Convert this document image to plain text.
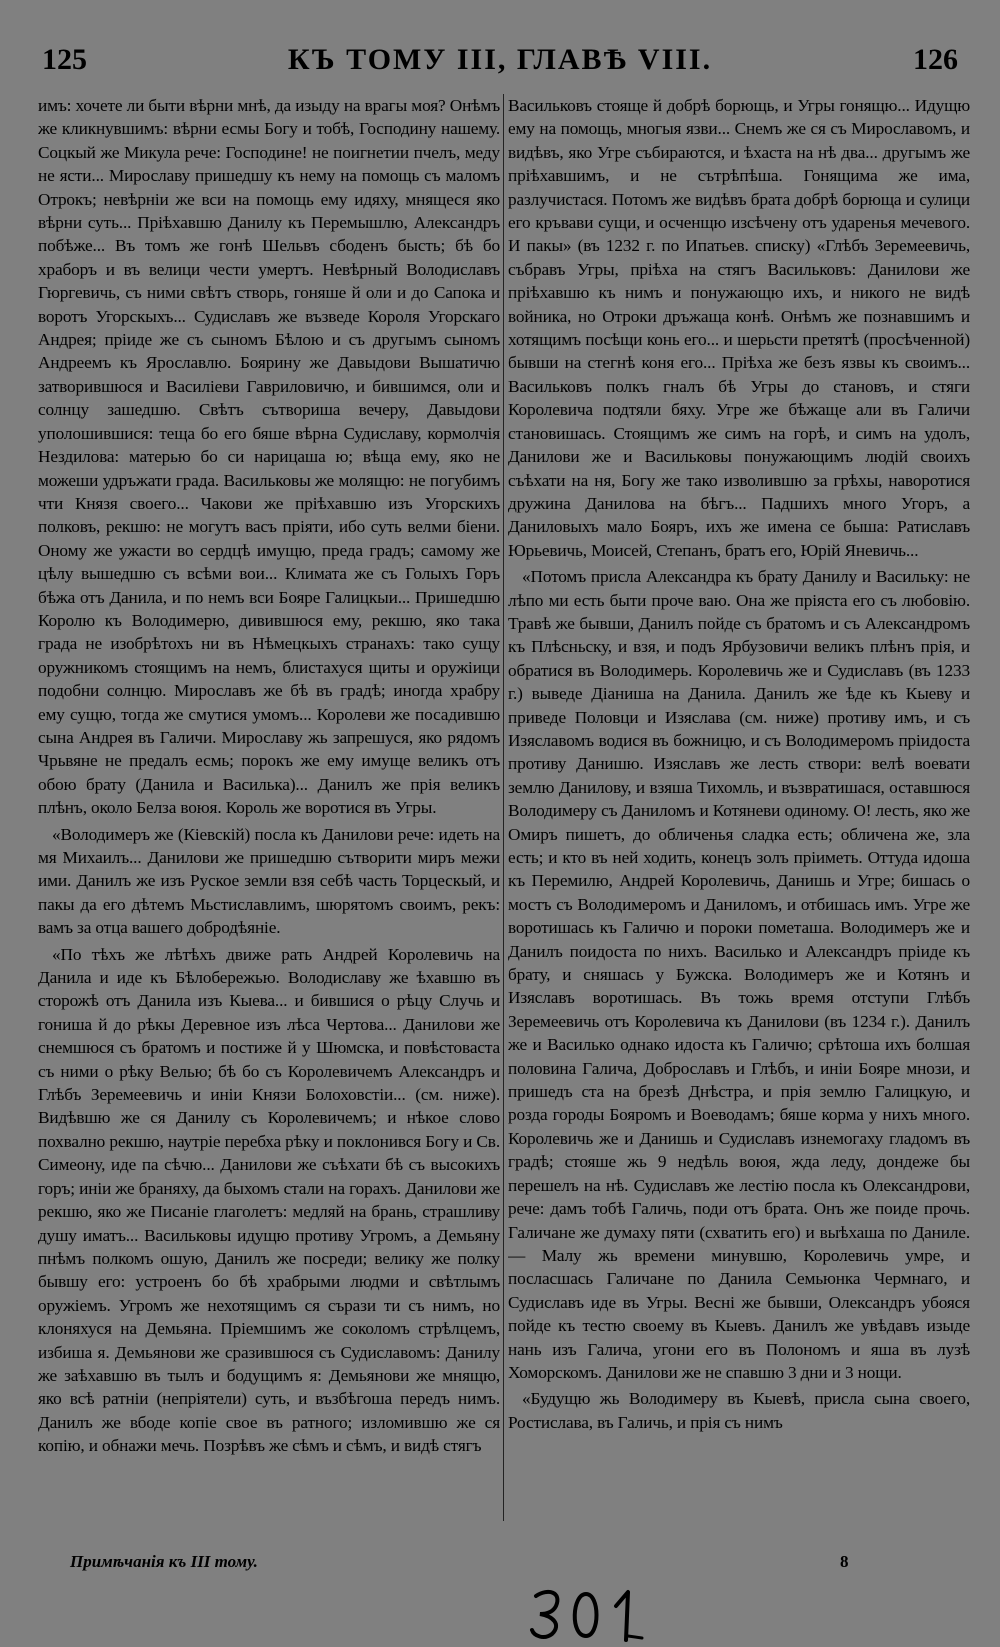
125	КЪ ТОМУ III, ГЛАВѢ VIII.	126

имъ: хочете ли быти вѣрни мнѣ, да изыду на врагы моя? Онѣмъ же кликнувшимъ: вѣрни есмы Богу и тобѣ, Господину нашему. Соцкый же Микула рече: Господине! не поигнетии пчелъ, меду не ясти... Мирославу пришедшу къ нему на помощь съ маломъ Отрокъ; невѣрніи же вси на помощь ему идяху, мнящеся яко вѣрни суть... Пріѣхавшю Данилу къ Перемышлю, Александръ побѣже... Въ томъ же гонѣ Шельвъ сбоденъ бысть; бѣ бо храборъ и въ велици чести умертъ. Невѣрный Володиславъ Гюргевичь, съ ними свѣтъ створь, гоняше й оли и до Сапока и воротъ Угорскыхъ... Судиславъ же възведе Короля Угорскаго Андрея; пріиде же съ сыномъ Бѣлою и съ другымъ сыномъ Андреемъ къ Ярославлю. Боярину же Давыдови Вышатичю затворившюся и Василіеви Гавриловичю, и бившимся, оли и солнцу зашедшю. Свѣтъ сътвориша вечеру, Давыдови уполошившися: теща бо его бяше вѣрна Судиславу, кормолчія Нездилова: матерью бо си нарицаша ю; вѣща ему, яко не можеши удръжати града. Васильковы же молящю: не погубимъ чти Князя своего... Чакови же пріѣхавшю изъ Угорскихъ полковъ, рекшю: не могутъ васъ пріяти, ибо суть велми біени. Оному же ужасти во сердцѣ имущю, преда градъ; самому же цѣлу вышедшю съ всѣми вои... Климата же съ Голыхъ Горъ бѣжа отъ Данила, и по немъ вси Бояре Галицкыи... Пришедшю Королю къ Володимерю, дивившюся ему, рекшю, яко така града не изобрѣтохъ ни въ Нѣмецкыхъ странахъ: тако сущу оружникомъ стоящимъ на немъ, блистахуся щиты и оружіици подобни солнцю. Мирославъ же бѣ въ градѣ; иногда храбру ему сущю, тогда же смутися умомъ... Королеви же посадившю сына Андрея въ Галичи. Мирославу жь запрешуся, яко рядомъ Чрьвяне не предалъ есмь; порокъ же ему имуще великъ отъ обою брату (Данила и Василька)... Данилъ же прія великъ плѣнъ, около Белза воюя. Король же воротися въ Угры.

«Володимеръ же (Кіевскій) посла къ Данилови рече: идеть на мя Михаилъ... Данилови же пришедшю сътворити миръ межи ими. Данилъ же изъ Руское земли взя себѣ часть Торцескый, и пакы да его дѣтемъ Мьстиславлимъ, шюрятомъ своимъ, рекъ: вамъ за отца вашего добродѣяніе.

«По тѣхъ же лѣтѣхъ движе рать Андрей Королевичь на Данила и иде къ Бѣлобережью. Володиславу же ѣхавшю въ сторожѣ отъ Данила изъ Кыева... и бившися о рѣцу Случь и гониша й до рѣкы Деревное изъ лѣса Чертова... Данилови же снемшюся съ братомъ и постиже й у Шюмска, и повѣстоваста съ ними о рѣку Велью; бѣ бо съ Королевичемъ Александръ и Глѣбъ Зеремеевичь и иніи Князи Болоховстіи... (см. ниже). Видѣвшю же ся Данилу съ Королевичемъ; и нѣкое слово похвално рекшю, наутріе перебха рѣку и поклонився Богу и Св. Симеону, иде па сѣчю... Данилови же съѣхати бѣ съ высокихъ горъ; иніи же браняху, да быхомъ стали на горахъ. Данилови же рекшю, яко же Писаніе глаголетъ: медляй на брань, страшливу душу иматъ... Васильковы идущю противу Угромъ, а Демьяну пнѣмъ полкомъ ошую, Данилъ же посреди; велику же полку бывшу его: устроенъ бо бѣ храбрыми людми и свѣтлымъ оружіемъ. Угромъ же нехотящимъ ся сърази ти съ нимъ, но клоняхуся на Демьяна. Пріемшимъ же соколомъ стрѣлцемъ, избиша я. Демьянови же сразившюся съ Судиславомъ: Данилу же заѣхавшю въ тылъ и бодущимъ я: Демьянови же мнящю, яко всѣ ратніи (непріятели) суть, и възбѣгоша передъ нимъ. Данилъ же вбоде копіе свое въ ратного; изломившю же ся копію, и обнажи мечь. Позрѣвъ же сѣмъ и сѣмъ, и видѣ стягъ

Васильковъ стояще й добрѣ борющь, и Угры гонящю... Идущю ему на помощь, многыя язви... Снемъ же ся съ Мирославомъ, и видѣвъ, яко Угре събираются, и ѣхаста на нѣ два... другымъ же пріѣхавшимъ, и не сътрѣпѣша. Гонящима же има, разлучистася. Потомъ же видѣвъ брата добрѣ борюща и сулици его кръвави сущи, и осченщю изсѣчену отъ ударенья мечевого. И пакы» (въ 1232 г. по Ипатьев. списку) «Глѣбъ Зеремеевичь, събравъ Угры, пріѣха на стягъ Васильковъ: Данилови же пріѣхавшю къ нимъ и понужающю ихъ, и никого не видѣ войника, но Отроки дръжаща конѣ. Онѣмъ же познавшимъ и хотящимъ посѣщи конь его... и шерьсти претятѣ (просѣченной) бывши на стегнѣ коня его... Пріѣха же безъ язвы къ своимъ... Васильковъ полкъ гналъ бѣ Угры до становъ, и стяги Королевича подтяли бяху. Угре же бѣжаще али въ Галичи становишась. Стоящимъ же симъ на горѣ, и симъ на удолъ, Данилови же и Васильковы понужающимъ людій своихъ съѣхати на ня, Богу же тако изволившю за грѣхы, наворотися дружина Данилова на бѣгъ... Падшихъ много Угоръ, а Даниловыхъ мало Бояръ, ихъ же имена се быша: Ратиславъ Юрьевичь, Моисей, Степанъ, братъ его, Юрій Яневичь...

«Потомъ присла Александра къ брату Данилу и Васильку: не лѣпо ми есть быти проче ваю. Она же пріяста его съ любовію. Травѣ же бывши, Данилъ пойде съ братомъ и съ Александромъ къ Плѣсньску, и взя, и подъ Ярбузовичи великъ плѣнъ прія, и обратися въ Володимерь. Королевичь же и Судиславъ (въ 1233 г.) выведе Діаниша на Данила. Данилъ же ѣде къ Кыеву и приведе Половци и Изяслава (см. ниже) противу имъ, и съ Изяславомъ водися въ божницю, и съ Володимеромъ пріидоста противу Данишю. Изяславъ же лесть створи: велѣ воевати землю Данилову, и взяша Тихомль, и възвратишася, оставшюся Володимеру съ Даниломъ и Котяневи одиному. О! лесть, яко же Омиръ пишетъ, до обличенья сладка есть; обличена же, зла есть; и кто въ ней ходить, конецъ золъ пріиметь. Оттуда идоша къ Перемилю, Андрей Королевичь, Данишь и Угре; бишась о мостъ съ Володимеромъ и Даниломъ, и отбишась имъ. Угре же воротишась къ Галичю и пороки пометаша. Володимеръ же и Данилъ поидоста по нихъ. Василько и Александръ пріиде къ брату, и сняшась у Бужска. Володимеръ же и Котянъ и Изяславъ воротишась. Въ тожь время отступи Глѣбъ Зеремеевичь отъ Королевича къ Данилови (въ 1234 г.). Данилъ же и Василько однако идоста къ Галичю; срѣтоша ихъ болшая половина Галича, Доброславъ и Глѣбъ, и иніи Бояре мнози, и пришедъ ста на брезѣ Днѣстра, и прія землю Галицкую, и розда городы Бояромъ и Воеводамъ; бяше корма у нихъ много. Королевичь же и Данишь и Судиславъ изнемогаху гладомъ въ градѣ; стояше жь 9 недѣль воюя, жда леду, дондеже бы перешелъ на нѣ. Судиславъ же лестію посла къ Олександрови, рече: дамъ тобѣ Галичь, поди отъ брата. Онъ же поиде прочь. Галичане же думаху пяти (схватить его) и выѣхаша по Даниле. — Малу жь времени минувшю, Королевичь умре, и посласшась Галичане по Данила Семьюнка Чермнаго, и Судиславъ иде въ Угры. Весні же бывши, Олександръ убояся пойде къ тестю своему въ Кыевъ. Данилъ же увѣдавъ изыде нань изъ Галича, угони его въ Полономъ и яша въ лузѣ Хоморскомъ. Данилови же не спавшю 3 дни и 3 нощи.

«Будущю жь Володимеру въ Кыевѣ, присла сына своего, Ростислава, въ Галичь, и прія съ нимъ

Примѣчанія къ III тому.	8
